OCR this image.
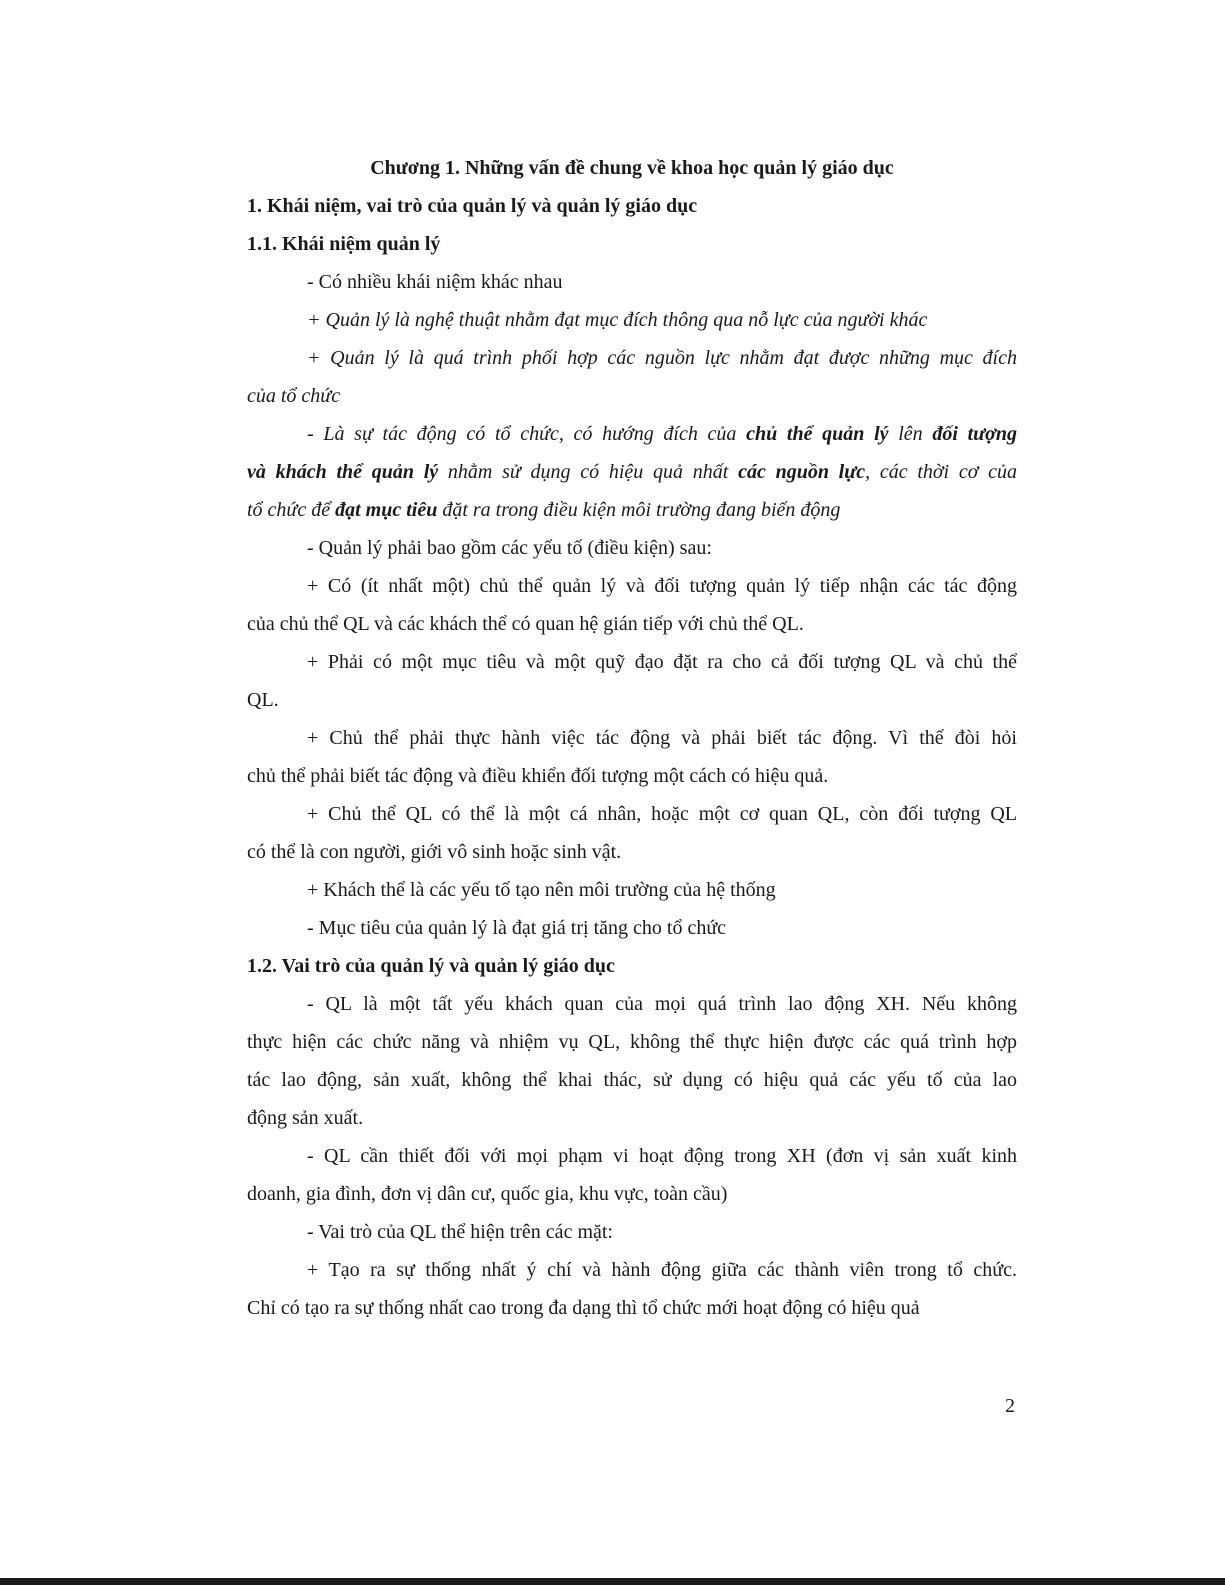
Chương 1. Những vấn đề chung về khoa học quản lý giáo dục
1. Khái niệm, vai trò của quản lý và quản lý giáo dục
1.1. Khái niệm quản lý
- Có nhiều khái niệm khác nhau
+ Quản lý là nghệ thuật nhằm đạt mục đích thông qua nỗ lực của người khác
+ Quản lý là quá trình phối hợp các nguồn lực nhằm đạt được những mục đích
của tổ chức
- Là sự tác động có tổ chức, có hướng đích của chủ thể quản lý lên đối tượng
và khách thể quản lý nhằm sử dụng có hiệu quả nhất các nguồn lực, các thời cơ của
tổ chức để đạt mục tiêu đặt ra trong điều kiện môi trường đang biến động
- Quản lý phải bao gồm các yếu tố (điều kiện) sau:
+ Có (ít nhất một) chủ thể quản lý và đối tượng quản lý tiếp nhận các tác động
của chủ thể QL và các khách thể có quan hệ gián tiếp với chủ thể QL.
+ Phải có một mục tiêu và một quỹ đạo đặt ra cho cả đối tượng QL và chủ thể
QL.
+ Chủ thể phải thực hành việc tác động và phải biết tác động. Vì thế đòi hỏi
chủ thể phải biết tác động và điều khiển đối tượng một cách có hiệu quả.
+ Chủ thể QL có thể là một cá nhân, hoặc một cơ quan QL, còn đối tượng QL
có thể là con người, giới vô sinh hoặc sinh vật.
+ Khách thể là các yếu tố tạo nên môi trường của hệ thống
- Mục tiêu của quản lý là đạt giá trị tăng cho tổ chức
1.2. Vai trò của quản lý và quản lý giáo dục
- QL là một tất yếu khách quan của mọi quá trình lao động XH. Nếu không
thực hiện các chức năng và nhiệm vụ QL, không thể thực hiện được các quá trình hợp
tác lao động, sản xuất, không thể khai thác, sử dụng có hiệu quả các yếu tố của lao
động sản xuất.
- QL cần thiết đối với mọi phạm vi hoạt động trong XH (đơn vị sản xuất kinh
doanh, gia đình, đơn vị dân cư, quốc gia, khu vực, toàn cầu)
- Vai trò của QL thể hiện trên các mặt:
+ Tạo ra sự thống nhất ý chí và hành động giữa các thành viên trong tổ chức.
Chỉ có tạo ra sự thống nhất cao trong đa dạng thì tổ chức mới hoạt động có hiệu quả
2
